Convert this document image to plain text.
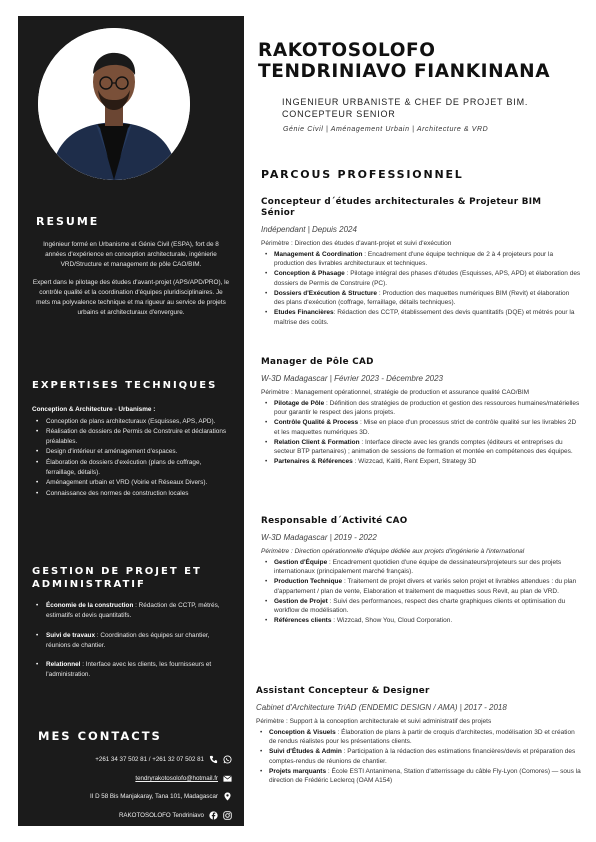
RESUME

Ingénieur formé en Urbanisme et Génie Civil (ESPA), fort de 8 années d'expérience en conception architecturale, ingénierie VRD/Structure et management de pôle CAO/BIM.

Expert dans le pilotage des études d'avant-projet (APS/APD/PRO), le contrôle qualité et la coordination d'équipes pluridisciplinaires. Je mets ma polyvalence technique et ma rigueur au service de projets urbains et architecturaux d'envergure.

EXPERTISES TECHNIQUES
Conception & Architecture - Urbanisme :
• Conception de plans architecturaux (Esquisses, APS, APD).
• Réalisation de dossiers de Permis de Construire et déclarations préalables.
• Design d'intérieur et aménagement d'espaces.
• Élaboration de dossiers d'exécution (plans de coffrage, ferraillage, détails).
• Aménagement urbain et VRD (Voirie et Réseaux Divers).
• Connaissance des normes de construction locales
GESTION DE PROJET ET
ADMINISTRATIF
• Économie de la construction : Rédaction de CCTP, métrés, estimatifs et devis quantitatifs.
• Suivi de travaux : Coordination des équipes sur chantier, réunions de chantier.
• Relationnel : Interface avec les clients, les fournisseurs et l'administration.
MES CONTACTS
+261 34 37 502 81 / +261 32 07 502 81
tendryrakotosolofo@hotmail.fr
II D 58 Bis Manjakaray, Tana 101, Madagascar
RAKOTOSOLOFO Tendriniavo
RAKOTOSOLOFO
TENDRINIAVO FIANKINANA
INGENIEUR URBANISTE & CHEF DE PROJET BIM.
CONCEPTEUR SENIOR
Génie Civil | Aménagement Urbain | Architecture & VRD
PARCOUS PROFESSIONNEL
Concepteur d´études architecturales & Projeteur BIM
Sénior
Indépendant | Depuis 2024
Périmètre : Direction des études d'avant-projet et suivi d'exécution
• Management & Coordination : Encadrement d'une équipe technique de 2 à 4 projeteurs pour la production des livrables architecturaux et techniques.
• Conception & Phasage : Pilotage intégral des phases d'études (Esquisses, APS, APD) et élaboration des dossiers de Permis de Construire (PC).
• Dossiers d'Exécution & Structure : Production des maquettes numériques BIM (Revit) et élaboration des plans d'exécution (coffrage, ferraillage, détails techniques).
• Etudes Financières: Rédaction des CCTP, établissement des devis quantitatifs (DQE) et métrés pour la maîtrise des coûts.
Manager de Pôle CAD
W-3D Madagascar | Février 2023 - Décembre 2023
Périmètre : Management opérationnel, stratégie de production et assurance qualité CAO/BIM
• Pilotage de Pôle : Définition des stratégies de production et gestion des ressources humaines/matérielles pour garantir le respect des jalons projets.
• Contrôle Qualité & Process : Mise en place d'un processus strict de contrôle qualité sur les livrables 2D et les maquettes numériques 3D.
• Relation Client & Formation : Interface directe avec les grands comptes (éditeurs et entreprises du secteur BTP partenaires) ; animation de sessions de formation et montée en compétences des équipes.
• Partenaires & Références : Wizzcad, Kaliti, Rent Expert, Strategy 3D
Responsable d´Activité CAO
W-3D Madagascar | 2019 - 2022
Périmètre : Direction opérationnelle d'équipe dédiée aux projets d'ingénierie à l'international
• Gestion d'Équipe : Encadrement quotidien d'une équipe de dessinateurs/projeteurs sur des projets internationaux (principalement marché français).
• Production Technique : Traitement de projet divers et variés selon projet et livrables attendues : du plan d'appartement / plan de vente, Elaboration et traitement de maquettes sous Revit, au plan de VRD.
• Gestion de Projet : Suivi des performances, respect des charte graphiques clients et optimisation du workflow de modélisation.
• Références clients : Wizzcad, Show You, Cloud Corporation.
Assistant Concepteur & Designer
Cabinet d'Architecture TriAD (ENDEMIC DESIGN / AMA) | 2017 - 2018
Périmètre : Support à la conception architecturale et suivi administratif des projets
• Conception & Visuels : Élaboration de plans à partir de croquis d'architectes, modélisation 3D et création de rendus réalistes pour les présentations clients.
• Suivi d'Études & Admin : Participation à la rédaction des estimations financières/devis et préparation des comptes-rendus de réunions de chantier.
• Projets marquants : École ESTI Antanimena, Station d'atterrissage du câble Fly-Lyon (Comores) — sous la direction de Frédéric Leclercq (OAM A154)
